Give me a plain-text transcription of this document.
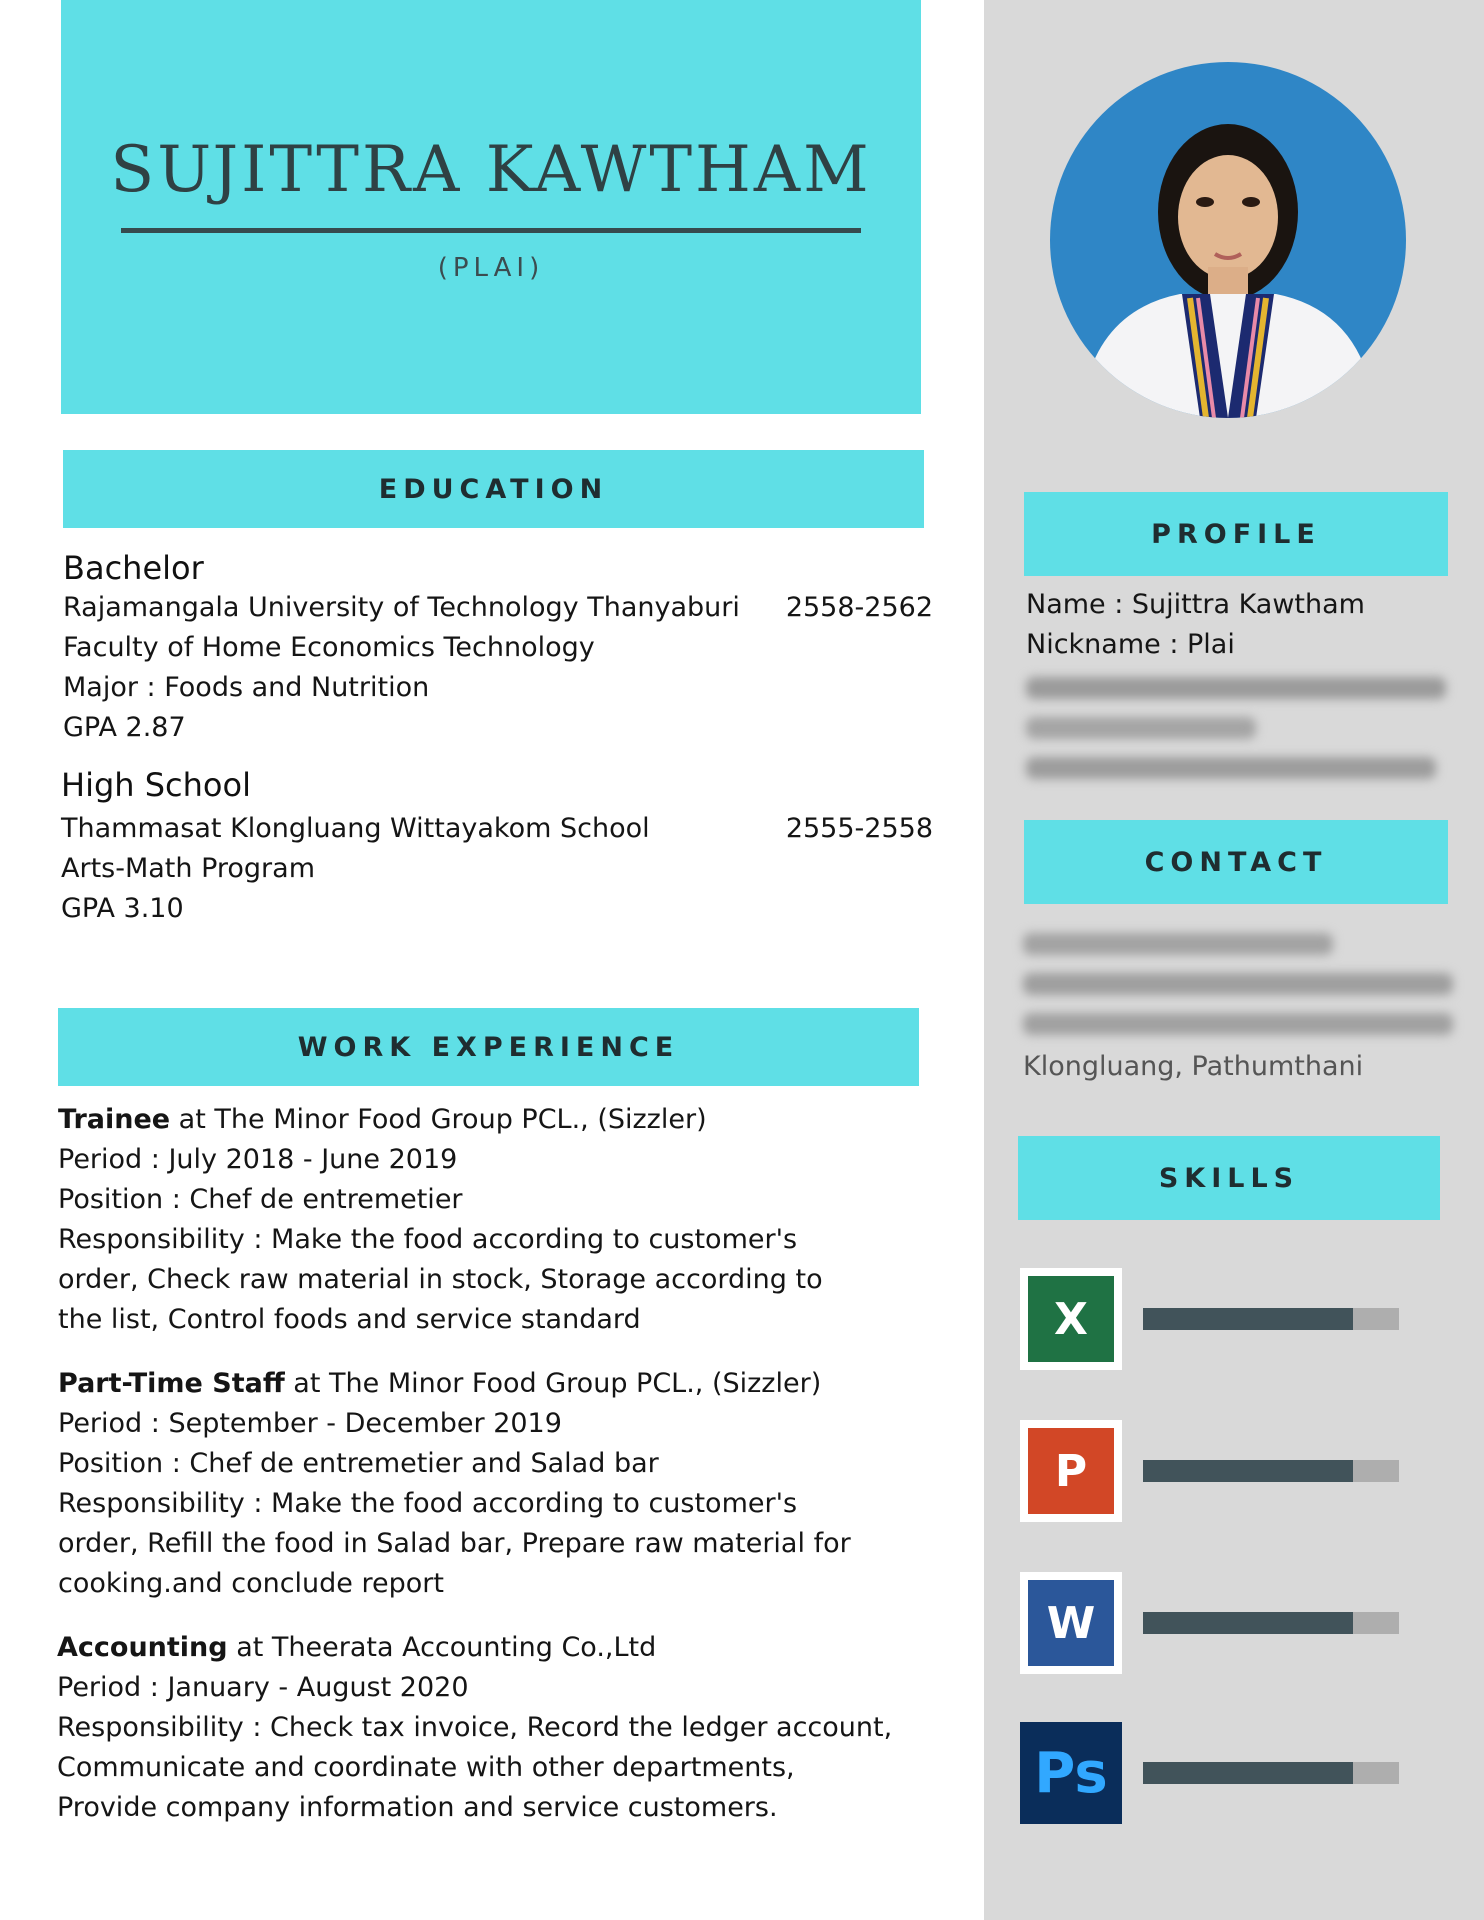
SUJITTRA KAWTHAM
(PLAI)
EDUCATION
Bachelor
Rajamangala University of Technology Thanyaburi 2558-2562
Faculty of Home Economics Technology
Major : Foods and Nutrition
GPA 2.87
High School
Thammasat Klongluang Wittayakom School	2555-2558
Arts-Math Program
GPA 3.10
WORK EXPERIENCE
Trainee at The Minor Food Group PCL., (Sizzler)
Period : July 2018 - June 2019
Position : Chef de entremetier
Responsibility : Make the food according to customer's
order, Check raw material in stock, Storage according to
the list, Control foods and service standard
Part-Time Staff at The Minor Food Group PCL., (Sizzler)
Period : September - December 2019
Position : Chef de entremetier and Salad bar
Responsibility : Make the food according to customer's
order, Refill the food in Salad bar, Prepare raw material for
cooking.and conclude report
Accounting at Theerata Accounting Co.,Ltd
Period : January - August 2020
Responsibility : Check tax invoice, Record the ledger account,
Communicate and coordinate with other departments,
Provide company information and service customers.
PROFILE
Name : Sujittra Kawtham
Nickname : Plai
CONTACT
Klongluang, Pathumthani
SKILLS
X
P
W
Ps
